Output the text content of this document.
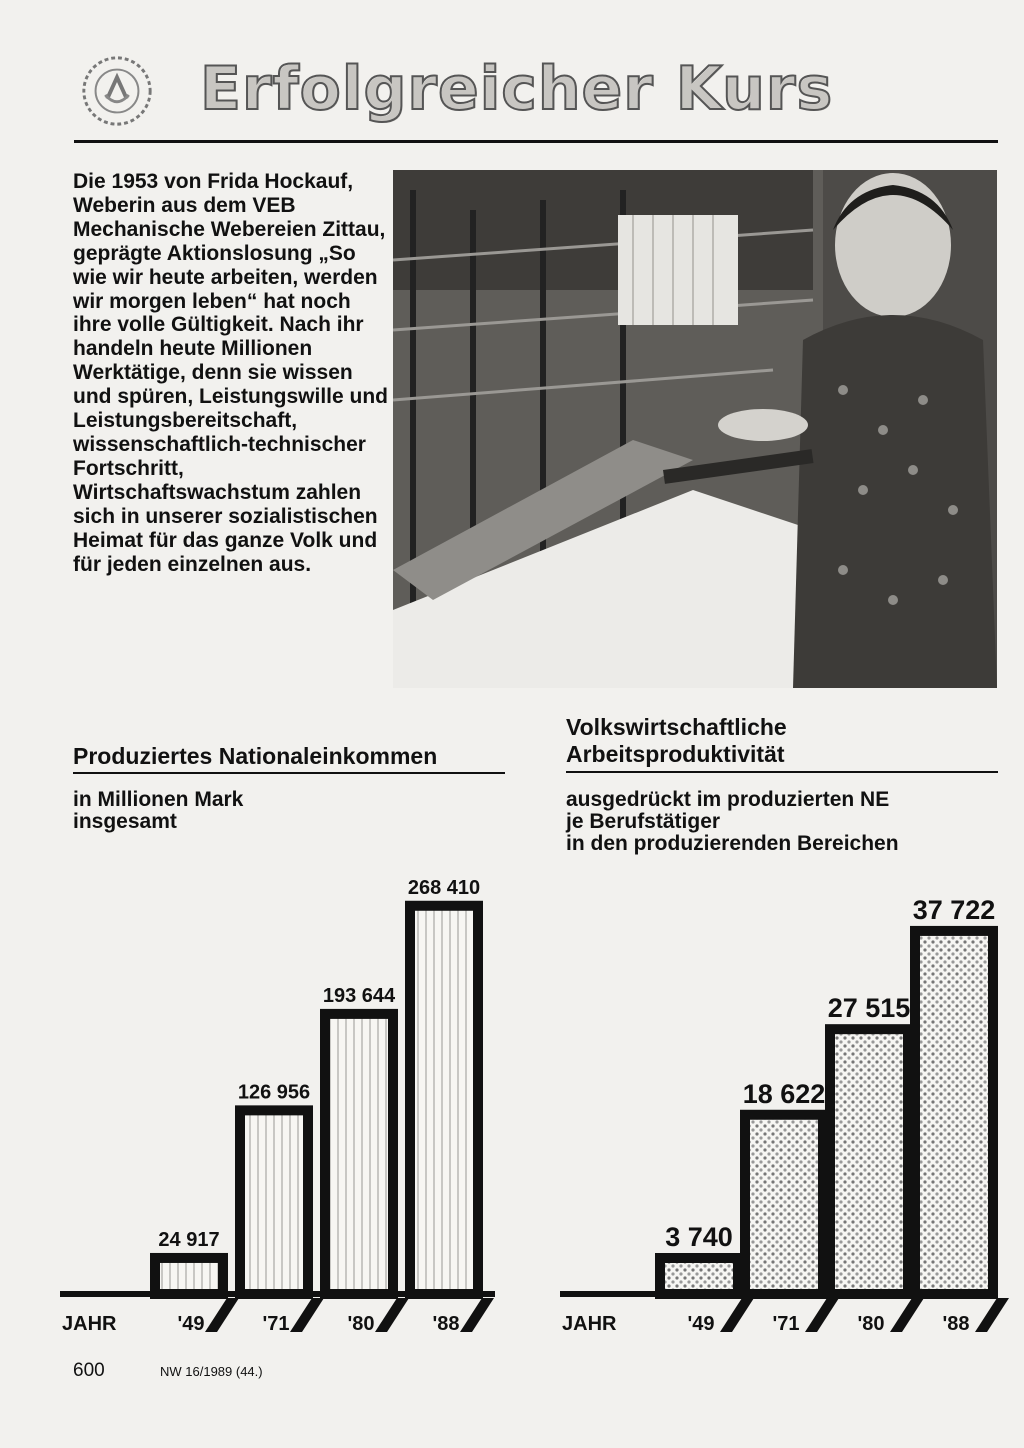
Erfolgreicher Kurs

Die 1953 von Frida Hockauf, Weberin aus dem VEB Mechanische Webereien Zittau, geprägte Aktionslosung „So wie wir heute arbeiten, werden wir morgen leben“ hat noch ihre volle Gültigkeit. Nach ihr handeln heute Millionen Werktätige, denn sie wissen und spüren, Leistungswille und Leistungsbereitschaft, wissenschaftlich-technischer Fortschritt, Wirtschaftswachstum zahlen sich in unserer sozialistischen Heimat für das ganze Volk und für jeden einzelnen aus.

Produziertes Nationaleinkommen

in Millionen Mark
insgesamt

24 917
'49
126 956
'71
193 644
'80
268 410
'88
JAHR
Volkswirtschaftliche Arbeitsproduktivität

ausgedrückt im produzierten NE
je Berufstätiger
in den produzierenden Bereichen

3 740
'49
18 622
'71
27 515
'80
37 722
'88
JAHR
600	NW 16/1989 (44.)
